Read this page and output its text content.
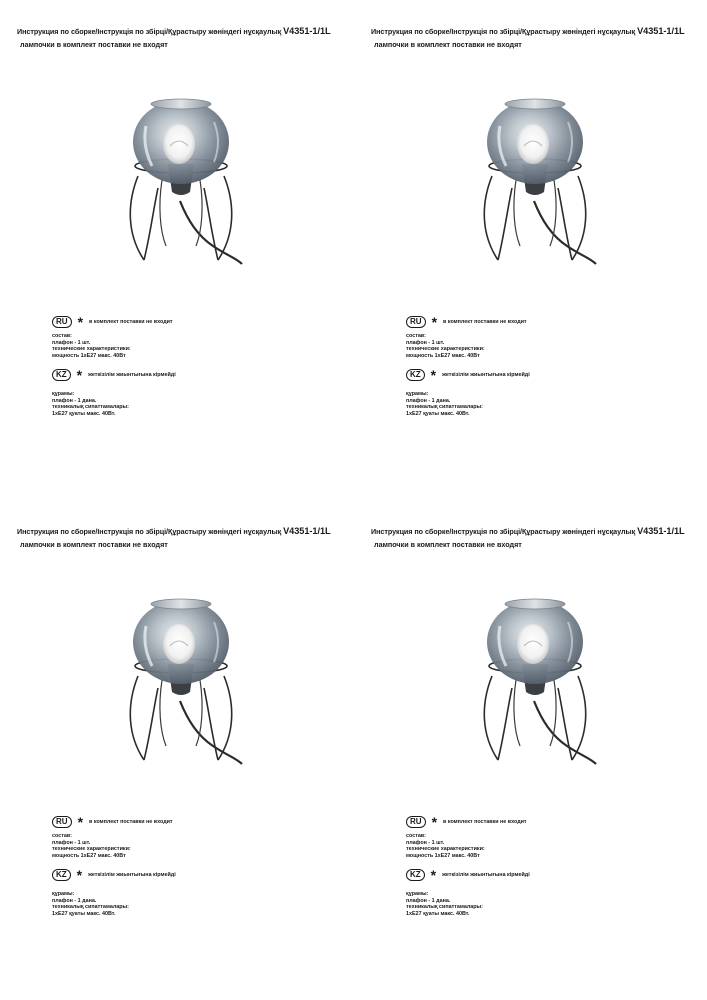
Инструкция по сборке/Інструкція по збірці/Құрастыру жөніндегі нұсқаулық V4351-1/1L
лампочки в комплект поставки не входят
RU * в комплект поставки не входит
состав:
плафон - 1 шт.
технические характеристики:
мощность 1хЕ27 макс. 40Вт
KZ * жеткізілім жиынтығына кірмейді
құрамы:
плафон - 1 дана.
техникалық сипаттамалары:
1хЕ27 қуаты макс. 40Вт.
Инструкция по сборке/Інструкція по збірці/Құрастыру жөніндегі нұсқаулық V4351-1/1L
лампочки в комплект поставки не входят
RU * в комплект поставки не входит
состав:
плафон - 1 шт.
технические характеристики:
мощность 1хЕ27 макс. 40Вт
KZ * жеткізілім жиынтығына кірмейді
құрамы:
плафон - 1 дана.
техникалық сипаттамалары:
1хЕ27 қуаты макс. 40Вт.
Инструкция по сборке/Інструкція по збірці/Құрастыру жөніндегі нұсқаулық V4351-1/1L
лампочки в комплект поставки не входят
RU * в комплект поставки не входит
состав:
плафон - 1 шт.
технические характеристики:
мощность 1хЕ27 макс. 40Вт
KZ * жеткізілім жиынтығына кірмейді
құрамы:
плафон - 1 дана.
техникалық сипаттамалары:
1хЕ27 қуаты макс. 40Вт.
Инструкция по сборке/Інструкція по збірці/Құрастыру жөніндегі нұсқаулық V4351-1/1L
лампочки в комплект поставки не входят
RU * в комплект поставки не входит
состав:
плафон - 1 шт.
технические характеристики:
мощность 1хЕ27 макс. 40Вт
KZ * жеткізілім жиынтығына кірмейді
құрамы:
плафон - 1 дана.
техникалық сипаттамалары:
1хЕ27 қуаты макс. 40Вт.
